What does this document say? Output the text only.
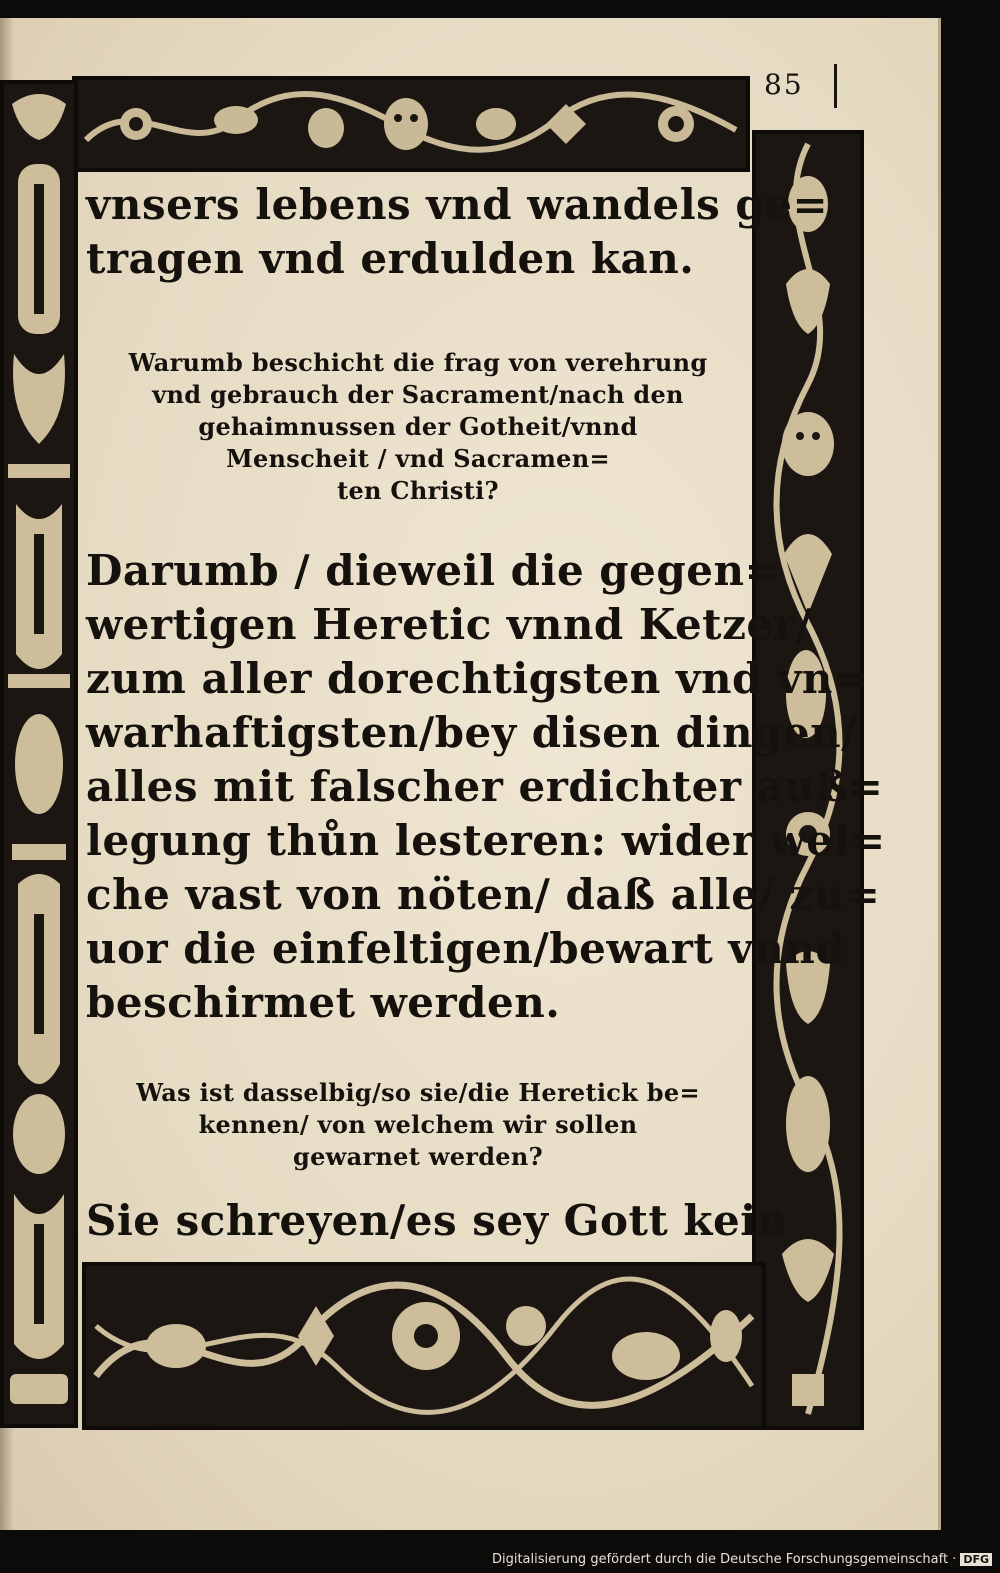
85
vnsers lebens vnd wandels ge=
tragen vnd erdulden kan.
Warumb beschicht die frag von verehrung
vnd gebrauch der Sacrament/nach den
gehaimnussen der Gotheit/vnnd
Menscheit / vnd Sacramen=
ten Christi?
Darumb / dieweil die gegen=
wertigen Heretic vnnd Ketzer/
zum aller dorechtigsten vnd vn=
warhaftigsten/bey disen dingen/
alles mit falscher erdichter auß=
legung thůn lesteren: wider wel=
che vast von nöten/ daß alle/ zu=
uor die einfeltigen/bewart vnnd
beschirmet werden.
Was ist dasselbig/so sie/die Heretick be=
kennen/ von welchem wir sollen
gewarnet werden?
Sie schreyen/es sey Gott kein
Digitalisierung gefördert durch die Deutsche Forschungsgemeinschaft · DFG
